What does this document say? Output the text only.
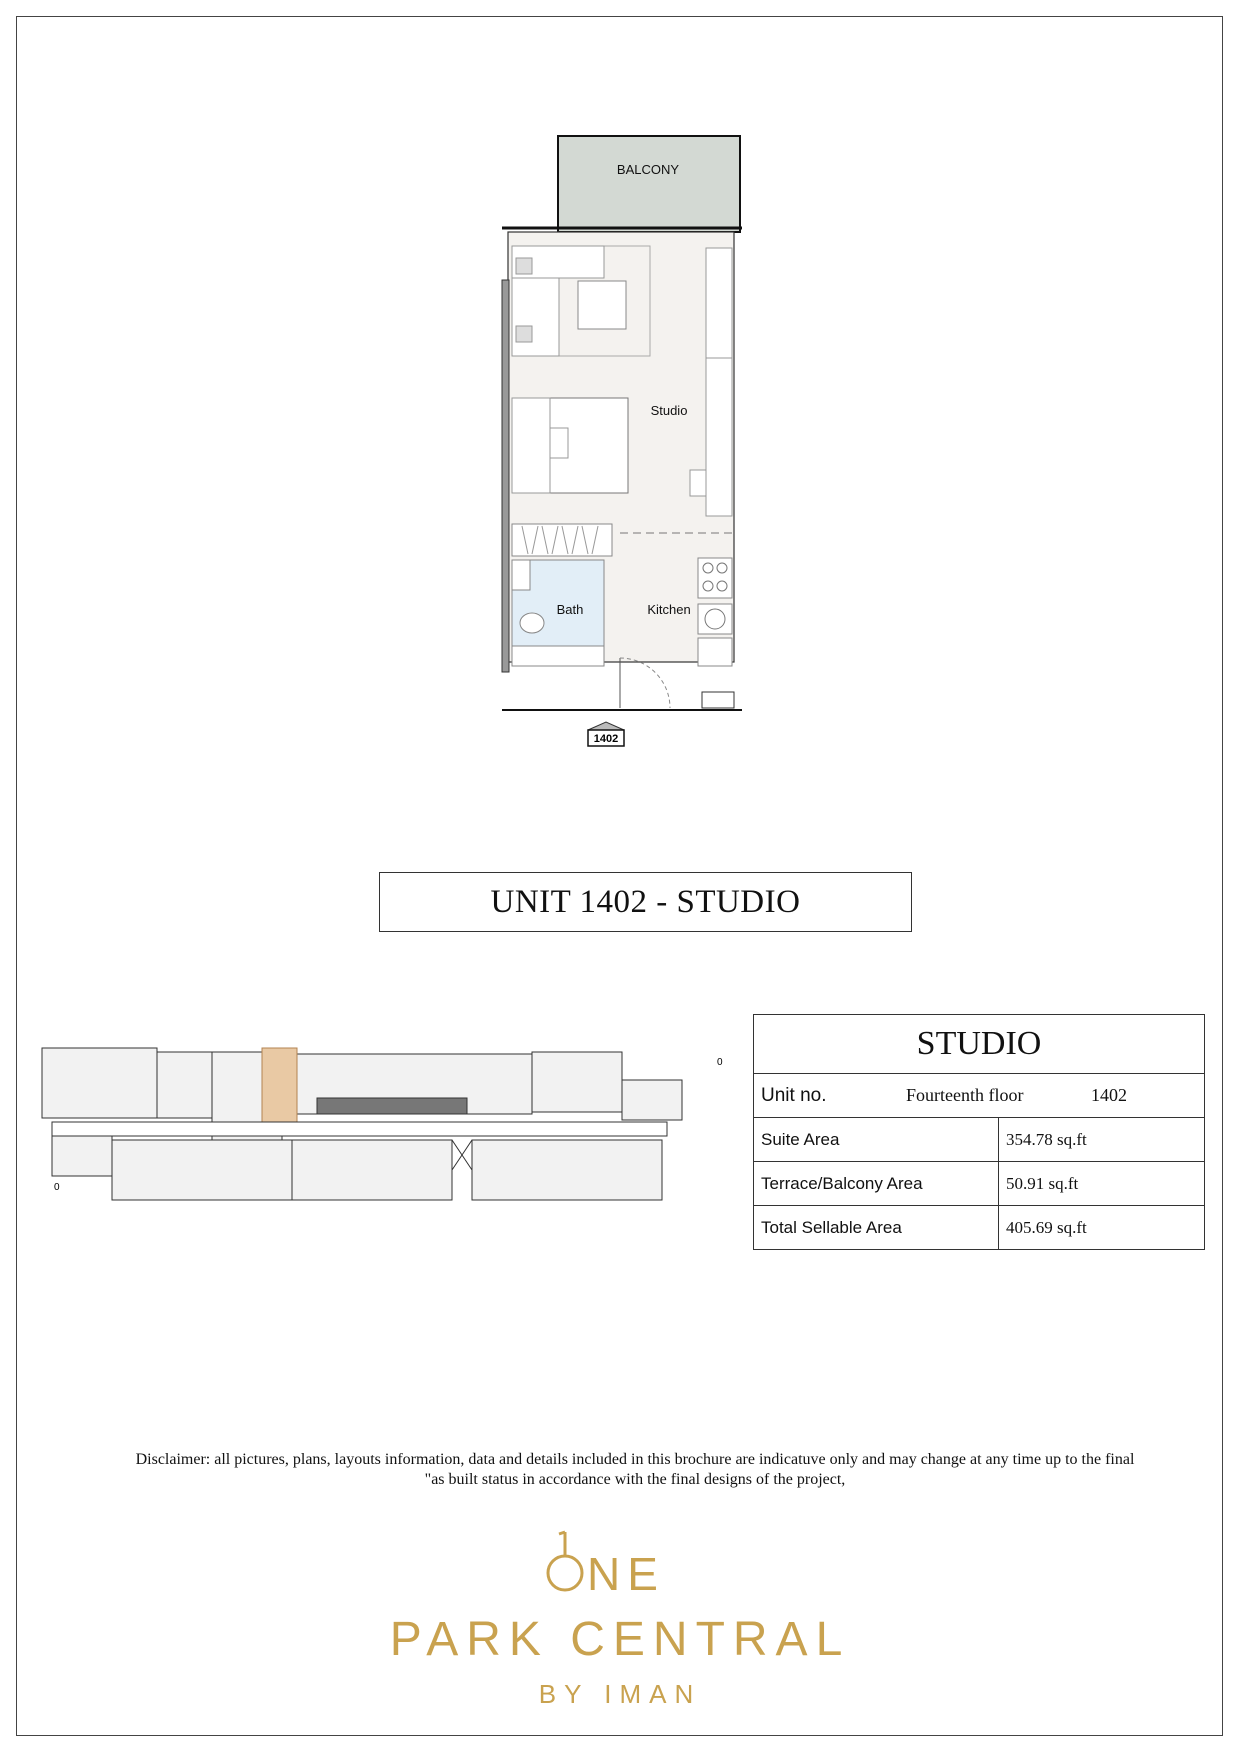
BALCONY
Studio
Bath	Kitchen
1402
UNIT 1402 - STUDIO
0
0
STUDIO	

Unit no. Fourteenth floor 1402	

Suite Area	354.78 sq.ft
Terrace/Balcony Area	50.91 sq.ft
Total Sellable Area	405.69 sq.ft
Disclaimer: all pictures, plans, layouts information, data and details included in this brochure are indicatuve only and may change at any time up to the final
"as built status in accordance with the final designs of the project,
NE
PARK CENTRAL
BY IMAN
